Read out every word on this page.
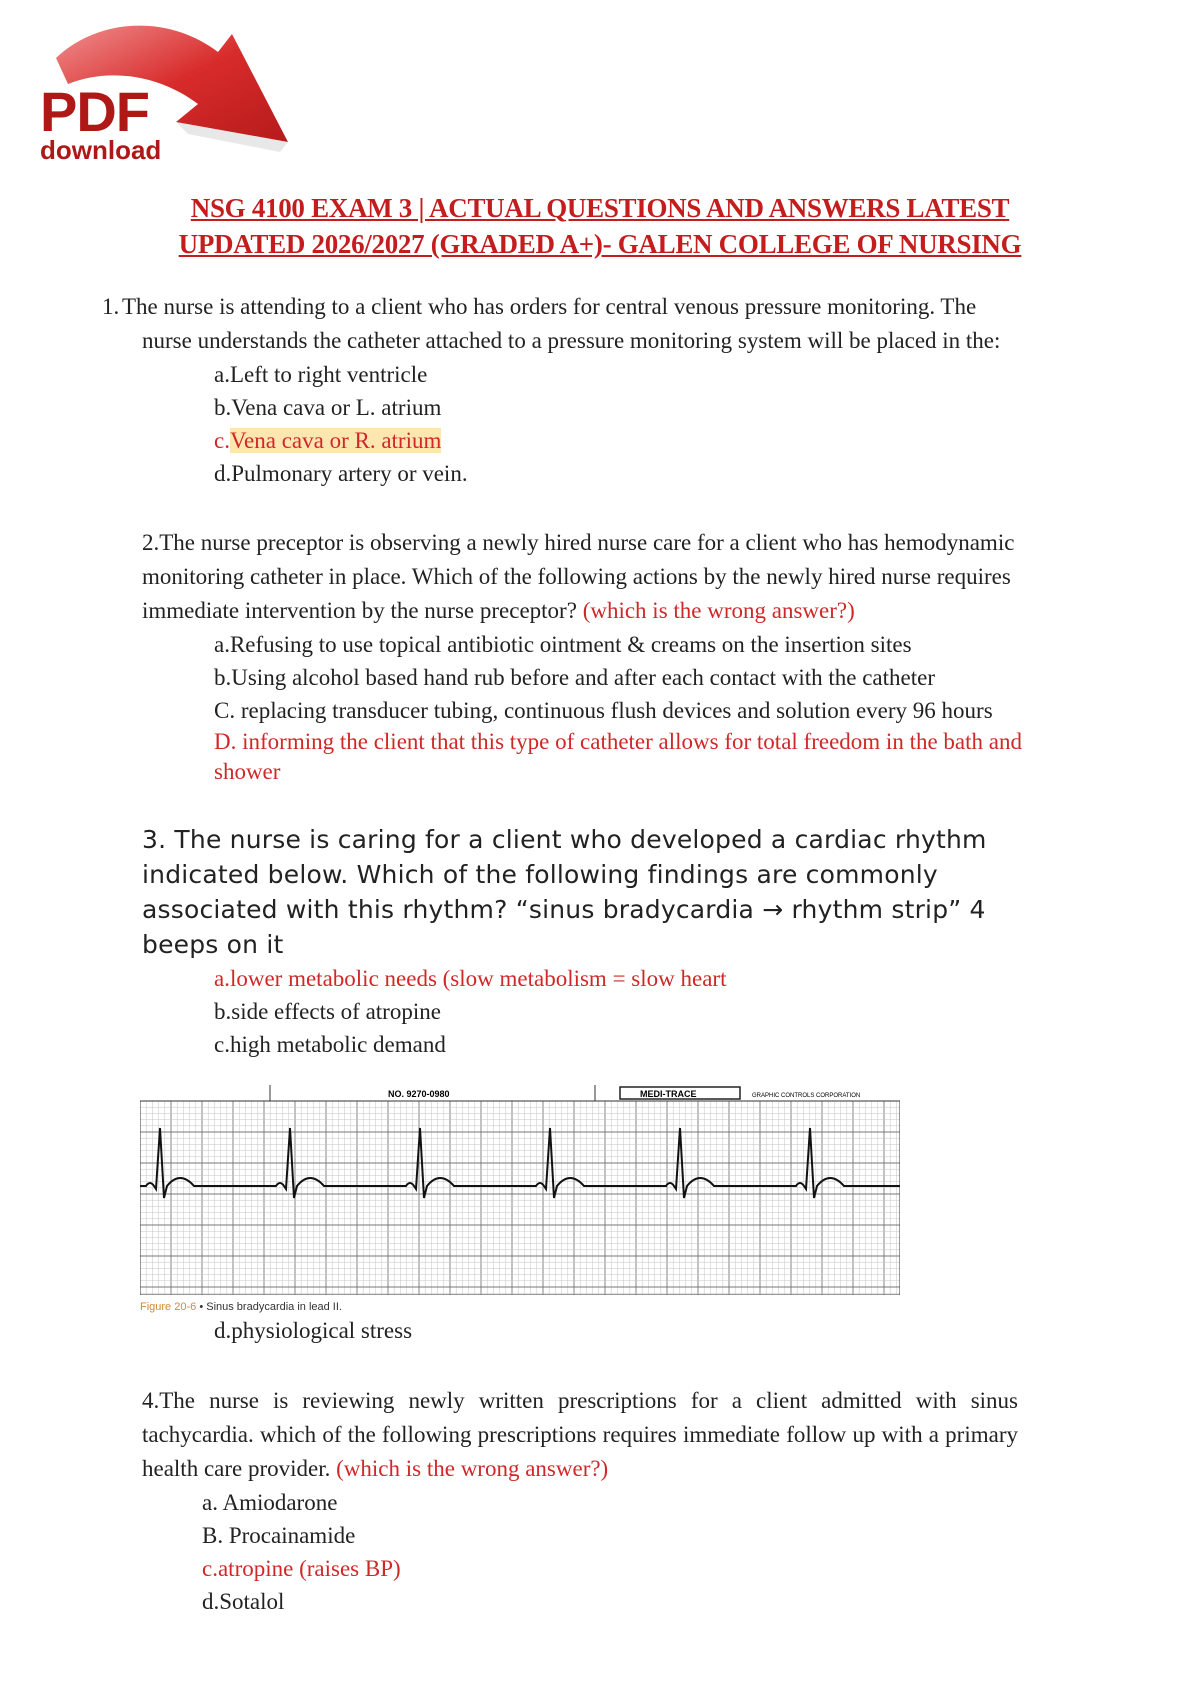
PDF
download
NSG 4100 EXAM 3 | ACTUAL QUESTIONS AND ANSWERS LATEST
UPDATED 2026/2027 (GRADED A+)- GALEN COLLEGE OF NURSING

1. The nurse is attending to a client who has orders for central venous pressure monitoring. The nurse understands the catheter attached to a pressure monitoring system will be placed in the:

a.Left to right ventricle
b.Vena cava or L. atrium
c.Vena cava or R. atrium
d.Pulmonary artery or vein.

2.The nurse preceptor is observing a newly hired nurse care for a client who has hemodynamic monitoring catheter in place. Which of the following actions by the newly hired nurse requires immediate intervention by the nurse preceptor? (which is the wrong answer?)

a.Refusing to use topical antibiotic ointment & creams on the insertion sites
b.Using alcohol based hand rub before and after each contact with the catheter
C. replacing transducer tubing, continuous flush devices and solution every 96 hours
D. informing the client that this type of catheter allows for total freedom in the bath and
shower

3. The nurse is caring for a client who developed a cardiac rhythm indicated below. Which of the following findings are commonly associated with this rhythm? “sinus bradycardia → rhythm strip” 4 beeps on it

a.lower metabolic needs (slow metabolism = slow heart
b.side effects of atropine
c.high metabolic demand
NO. 9270-0980	MEDI-TRACE	GRAPHIC CONTROLS CORPORATION
Figure 20-6 • Sinus bradycardia in lead II.
d.physiological stress

4.The nurse is reviewing newly written prescriptions for a client admitted with sinus tachycardia. which of the following prescriptions requires immediate follow up with a primary health care provider. (which is the wrong answer?)

a. Amiodarone
B. Procainamide
c.atropine (raises BP)
d.Sotalol
